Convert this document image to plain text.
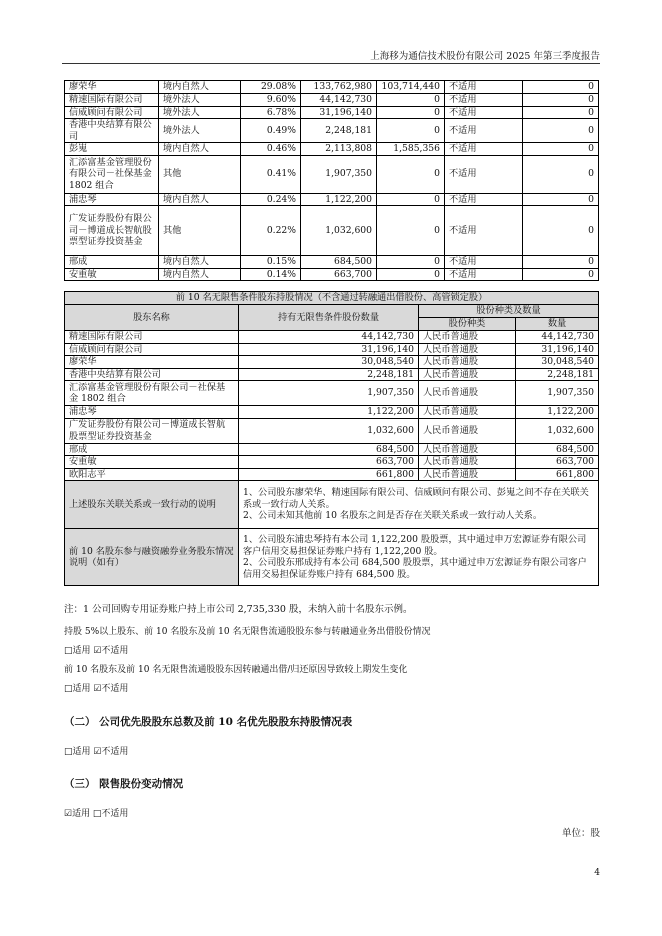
上海移为通信技术股份有限公司 2025 年第三季度报告
廖荣华	境内自然人	29.08%	133,762,980	103,714,440	不适用	0
精速国际有限公司	境外法人	9.60%	44,142,730	0	不适用	0
信威顾问有限公司	境外法人	6.78%	31,196,140	0	不适用	0
香港中央结算有限公司	境外法人	0.49%	2,248,181	0	不适用	0
彭嵬	境内自然人	0.46%	2,113,808	1,585,356	不适用	0
汇添富基金管理股份有限公司－社保基金 1802 组合	其他	0.41%	1,907,350	0	不适用	0
浦忠琴	境内自然人	0.24%	1,122,200	0	不适用	0
广发证券股份有限公司－博道成长智航股票型证券投资基金	其他	0.22%	1,032,600	0	不适用	0
邢成	境内自然人	0.15%	684,500	0	不适用	0
安重敏	境内自然人	0.14%	663,700	0	不适用	0
前 10 名无限售条件股东持股情况（不含通过转融通出借股份、高管锁定股）			
股东名称	持有无限售条件股份数量	股份种类及数量	
		股份种类	数量
精速国际有限公司	44,142,730	人民币普通股	44,142,730
信威顾问有限公司	31,196,140	人民币普通股	31,196,140
廖荣华	30,048,540	人民币普通股	30,048,540
香港中央结算有限公司	2,248,181	人民币普通股	2,248,181
汇添富基金管理股份有限公司－社保基金 1802 组合	1,907,350	人民币普通股	1,907,350
浦忠琴	1,122,200	人民币普通股	1,122,200
广发证券股份有限公司－博道成长智航股票型证券投资基金	1,032,600	人民币普通股	1,032,600
邢成	684,500	人民币普通股	684,500
安重敏	663,700	人民币普通股	663,700
欧阳志平	661,800	人民币普通股	661,800
上述股东关联关系或一致行动的说明	1、公司股东廖荣华、精速国际有限公司、信威顾问有限公司、彭嵬之间不存在关联关系或一致行动人关系。
2、公司未知其他前 10 名股东之间是否存在关联关系或一致行动人关系。		
前 10 名股东参与融资融券业务股东情况说明（如有）	1、公司股东浦忠琴持有本公司 1,122,200 股股票，其中通过申万宏源证券有限公司客户信用交易担保证券账户持有 1,122,200 股。
2、公司股东邢成持有本公司 684,500 股股票，其中通过申万宏源证券有限公司客户信用交易担保证券账户持有 684,500 股。		
注：1 公司回购专用证券账户持上市公司 2,735,330 股，未纳入前十名股东示例。
持股 5%以上股东、前 10 名股东及前 10 名无限售流通股股东参与转融通业务出借股份情况
□适用 ☑不适用
前 10 名股东及前 10 名无限售流通股股东因转融通出借/归还原因导致较上期发生变化
□适用 ☑不适用
（二） 公司优先股股东总数及前 10 名优先股股东持股情况表
□适用 ☑不适用
（三） 限售股份变动情况
☑适用 □不适用
单位：股
4
